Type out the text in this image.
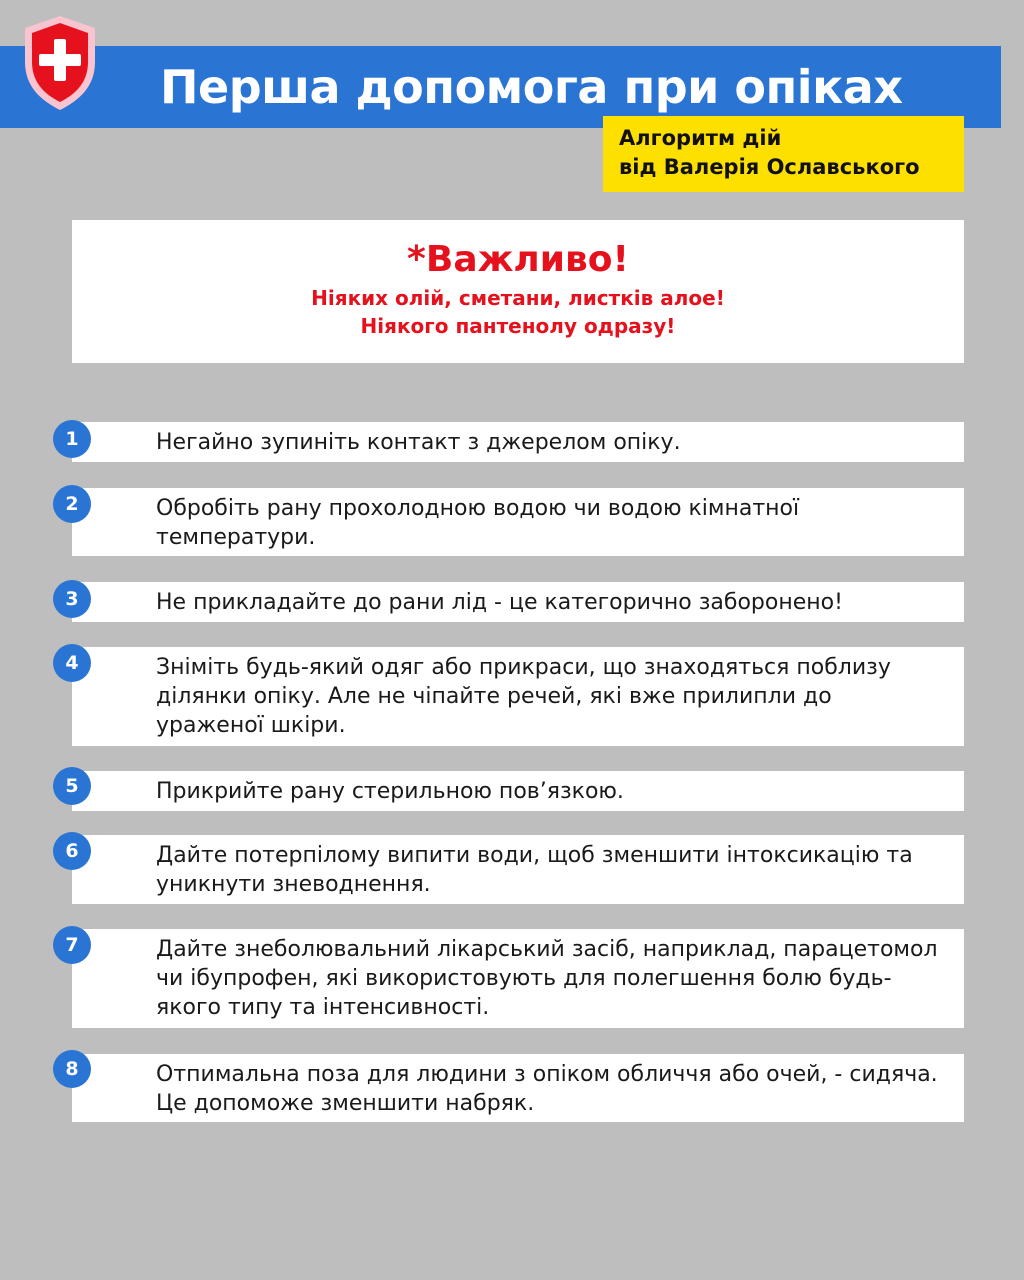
Перша допомога при опіках
Алгоритм дій
від Валерія Ославського
*Важливо!
Ніяких олій, сметани, листків алое!
Ніякого пантенолу одразу!
Негайно зупиніть контакт з джерелом опіку.
1
Обробіть рану прохолодною водою чи водою кімнатної температури.
2
Не прикладайте до рани лід - це категорично заборонено!
3
Зніміть будь-який одяг або прикраси, що знаходяться поблизу ділянки опіку. Але не чіпайте речей, які вже прилипли до ураженої шкіри.
4
Прикрийте рану стерильною пов’язкою.
5
Дайте потерпілому випити води, щоб зменшити інтоксикацію та уникнути зневоднення.
6
Дайте знеболювальний лікарський засіб, наприклад, парацетомол чи ібупрофен, які використовують для полегшення болю будь-якого типу та інтенсивності.
7
Отпимальна поза для людини з опіком обличчя або очей, - сидяча. Це допоможе зменшити набряк.
8
